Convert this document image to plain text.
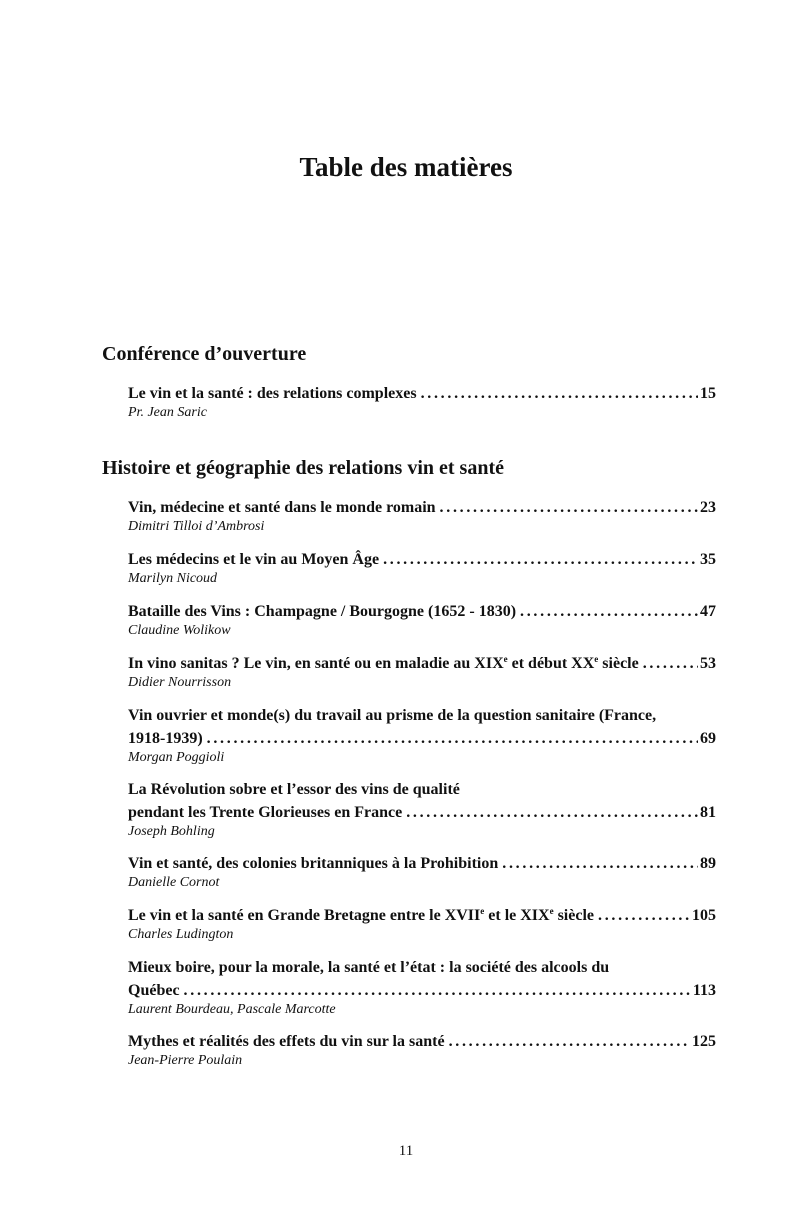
Table des matières
Conférence d’ouverture
Le vin et la santé : des relations complexes . . .	15
Pr. Jean Saric
Histoire et géographie des relations vin et santé
Vin, médecine et santé dans le monde romain . . .	23
Dimitri Tilloi d’Ambrosi
Les médecins et le vin au Moyen Âge . . .	35
Marilyn Nicoud
Bataille des Vins : Champagne / Bourgogne (1652 - 1830) . . .	47
Claudine Wolikow
In vino sanitas ? Le vin, en santé ou en maladie au XIXe et début XXe siècle . . .	53
Didier Nourrisson
Vin ouvrier et monde(s) du travail au prisme de la question sanitaire (France,
1918-1939) . . .	69
Morgan Poggioli
La Révolution sobre et l’essor des vins de qualité
pendant les Trente Glorieuses en France . . .	81
Joseph Bohling
Vin et santé, des colonies britanniques à la Prohibition . . .	89
Danielle Cornot
Le vin et la santé en Grande Bretagne entre le XVIIe et le XIXe siècle . . .	105
Charles Ludington
Mieux boire, pour la morale, la santé et l’état : la société des alcools du
Québec . . .	113
Laurent Bourdeau, Pascale Marcotte
Mythes et réalités des effets du vin sur la santé . . .	125
Jean-Pierre Poulain
11
